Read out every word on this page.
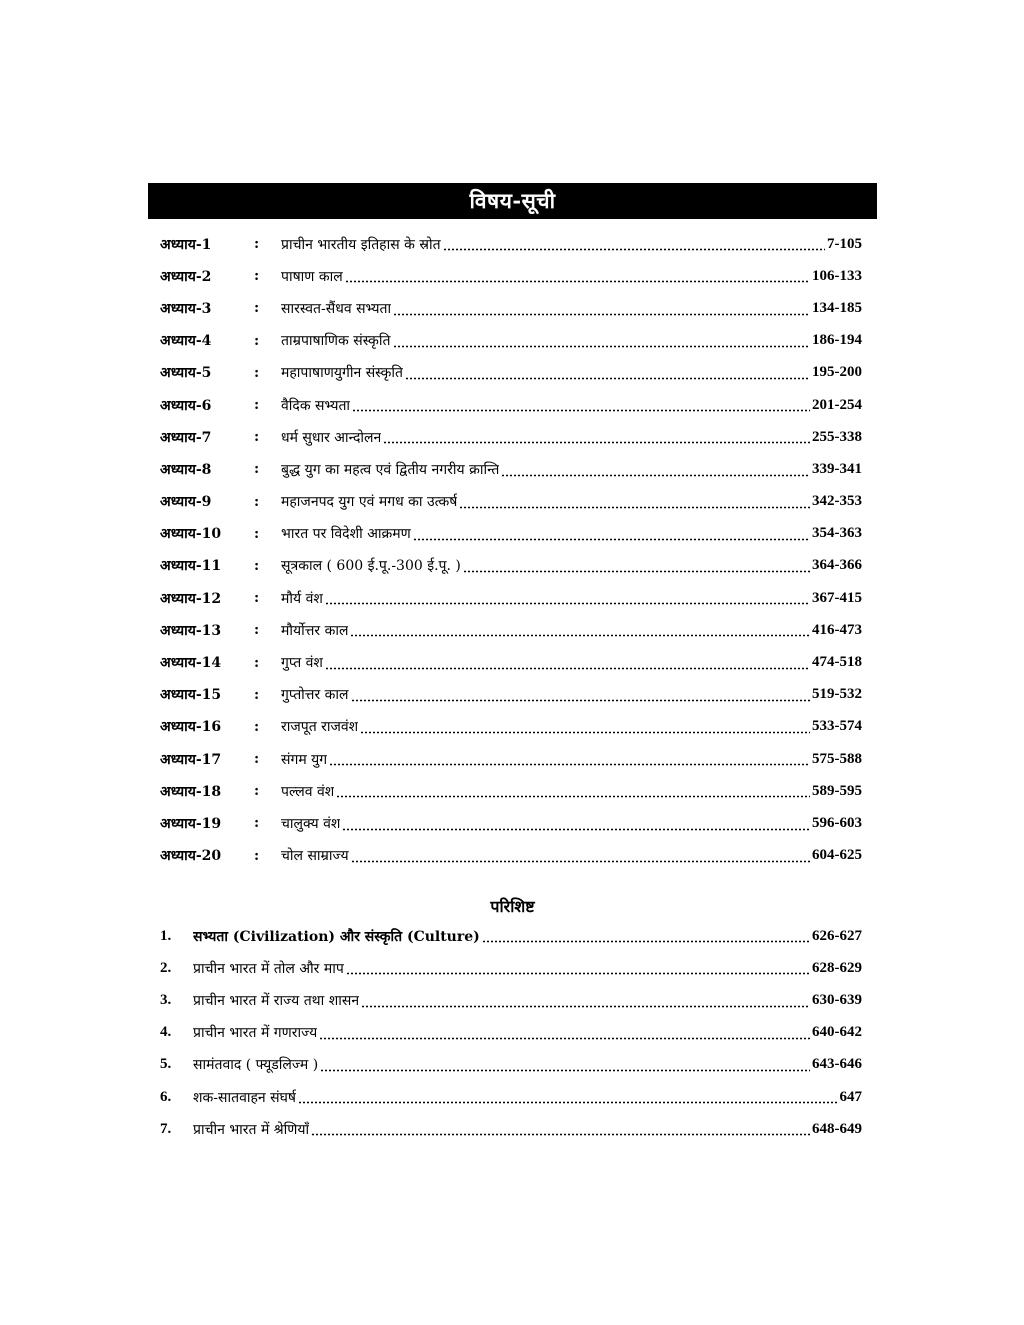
विषय-सूची
अध्याय-1	:	प्राचीन भारतीय इतिहास के स्रोत	7-105
अध्याय-2	:	पाषाण काल	106-133
अध्याय-3	:	सारस्वत-सैंधव सभ्यता	134-185
अध्याय-4	:	ताम्रपाषाणिक संस्कृति	186-194
अध्याय-5	:	महापाषाणयुगीन संस्कृति	195-200
अध्याय-6	:	वैदिक सभ्यता	201-254
अध्याय-7	:	धर्म सुधार आन्दोलन	255-338
अध्याय-8	:	बुद्ध युग का महत्व एवं द्वितीय नगरीय क्रान्ति	339-341
अध्याय-9	:	महाजनपद युग एवं मगध का उत्कर्ष	342-353
अध्याय-10	:	भारत पर विदेशी आक्रमण	354-363
अध्याय-11	:	सूत्रकाल ( 600 ई.पू.-300 ई.पू. )	364-366
अध्याय-12	:	मौर्य वंश	367-415
अध्याय-13	:	मौर्योत्तर काल	416-473
अध्याय-14	:	गुप्त वंश	474-518
अध्याय-15	:	गुप्तोत्तर काल	519-532
अध्याय-16	:	राजपूत राजवंश	533-574
अध्याय-17	:	संगम युग	575-588
अध्याय-18	:	पल्लव वंश	589-595
अध्याय-19	:	चालुक्य वंश	596-603
अध्याय-20	:	चोल साम्राज्य	604-625
परिशिष्ट
1.	सभ्यता (Civilization) और संस्कृति (Culture)	626-627
2.	प्राचीन भारत में तोल और माप	628-629
3.	प्राचीन भारत में राज्य तथा शासन	630-639
4.	प्राचीन भारत में गणराज्य	640-642
5.	सामंतवाद ( फ्यूडलिज्म )	643-646
6.	शक-सातवाहन संघर्ष	647
7.	प्राचीन भारत में श्रेणियाँ	648-649
